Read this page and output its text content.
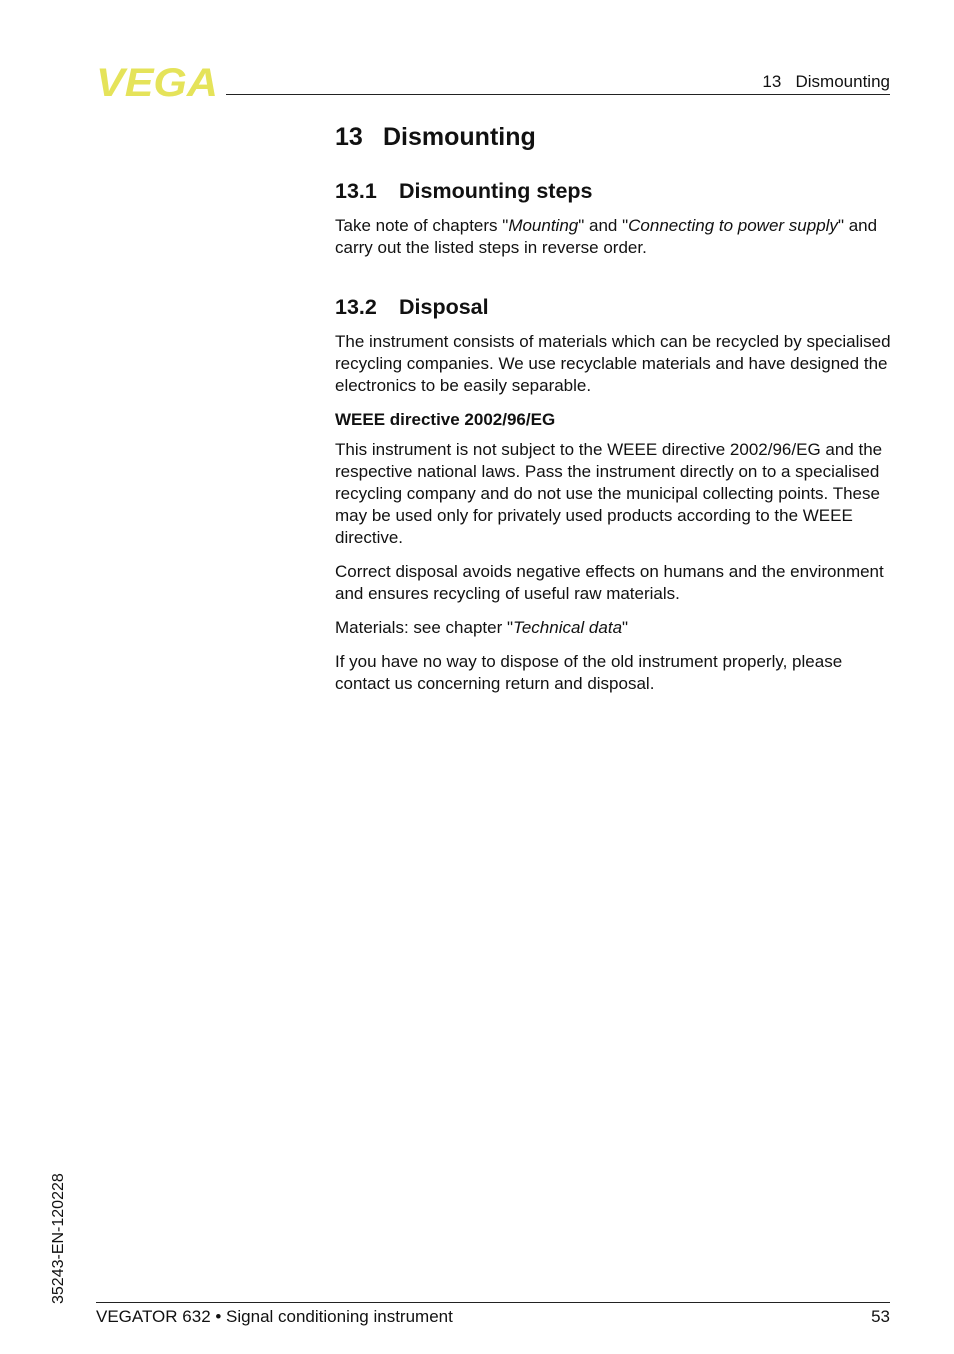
VEGA	13   Dismounting
13 Dismounting
13.1 Dismounting steps

Take note of chapters "Mounting" and "Connecting to power supply" and carry out the listed steps in reverse order.

13.2 Disposal

The instrument consists of materials which can be recycled by specialised recycling companies. We use recyclable materials and have designed the electronics to be easily separable.

WEEE directive 2002/96/EG

This instrument is not subject to the WEEE directive 2002/96/EG and the respective national laws. Pass the instrument directly on to a specialised recycling company and do not use the municipal collecting points. These may be used only for privately used products according to the WEEE directive.

Correct disposal avoids negative effects on humans and the environment and ensures recycling of useful raw materials.

Materials: see chapter "Technical data"

If you have no way to dispose of the old instrument properly, please contact us concerning return and disposal.

35243-EN-120228
VEGATOR 632 • Signal conditioning instrument	53
